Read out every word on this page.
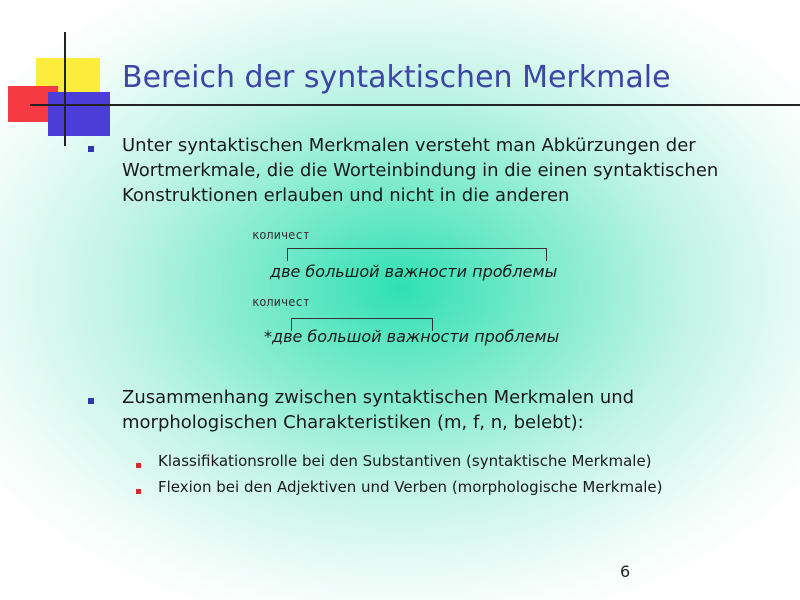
Bereich der syntaktischen Merkmale
Unter syntaktischen Merkmalen versteht man Abkürzungen der Wortmerkmale, die die Worteinbindung in die einen syntaktischen Konstruktionen erlauben und nicht in die anderen
количест
две большой важности проблемы
количест
*две большой важности проблемы
Zusammenhang zwischen syntaktischen Merkmalen und morphologischen Charakteristiken (m, f, n, belebt):
Klassifikationsrolle bei den Substantiven (syntaktische Merkmale)
Flexion bei den Adjektiven und Verben (morphologische Merkmale)
6
